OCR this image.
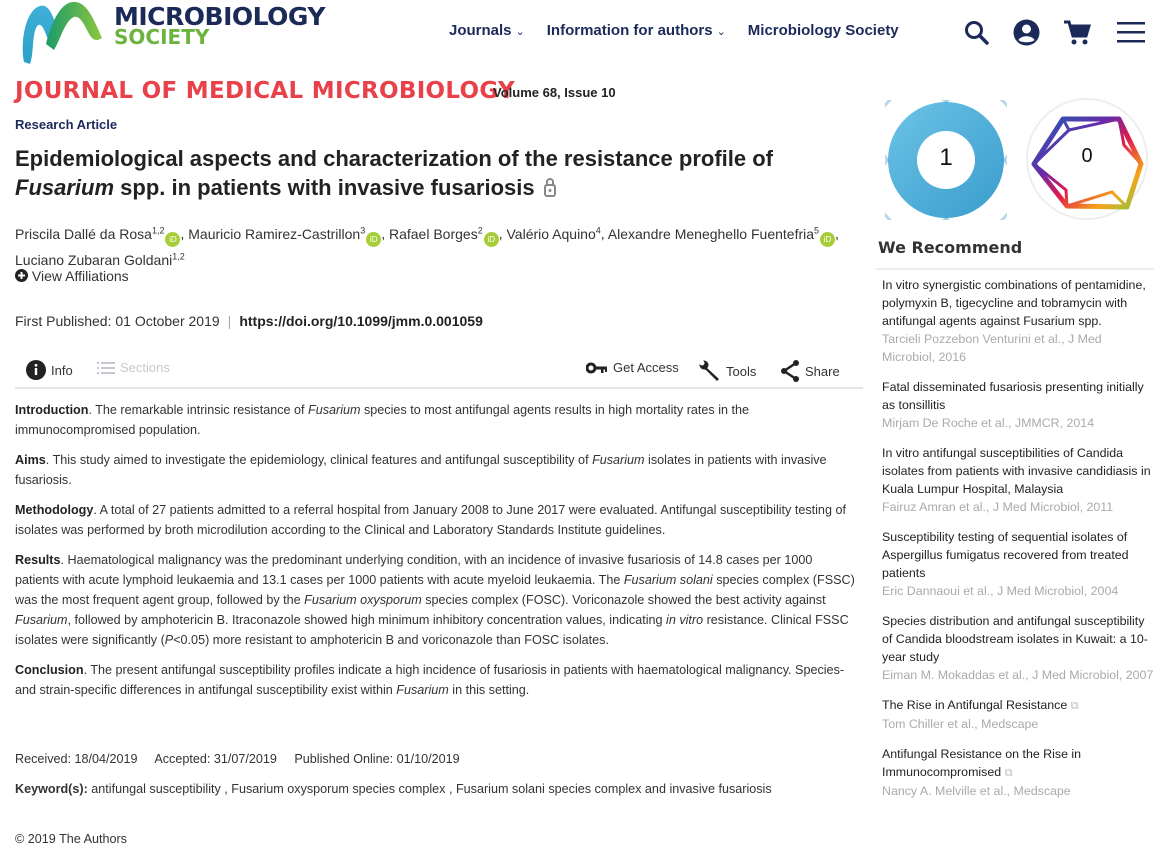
MICROBIOLOGY
SOCIETY	Journals ⌄ Information for authors ⌄ Microbiology Society
JOURNAL OF MEDICAL MICROBIOLOGY
Volume 68, Issue 10
Research Article
Epidemiological aspects and characterization of the resistance profile of Fusarium spp. in patients with invasive fusariosis
Priscila Dallé da Rosa$^{1,2}$iD , Mauricio Ramirez-Castrillon$^3$iD , Rafael Borges$^2$iD , Valério Aquino$^4$, Alexandre Meneghello Fuentefria$^5$iD , Luciano Zubaran Goldani$^{1,2}$
View Affiliations
First Published: 01 October 2019 | https://doi.org/10.1099/jmm.0.001059
Info	Sections	Get Access	Tools	Share

Introduction. The remarkable intrinsic resistance of Fusarium species to most antifungal agents results in high mortality rates in the immunocompromised population.

Aims. This study aimed to investigate the epidemiology, clinical features and antifungal susceptibility of Fusarium isolates in patients with invasive fusariosis.

Methodology. A total of 27 patients admitted to a referral hospital from January 2008 to June 2017 were evaluated. Antifungal susceptibility testing of isolates was performed by broth microdilution according to the Clinical and Laboratory Standards Institute guidelines.

Results. Haematological malignancy was the predominant underlying condition, with an incidence of invasive fusariosis of 14.8 cases per 1000 patients with acute lymphoid leukaemia and 13.1 cases per 1000 patients with acute myeloid leukaemia. The Fusarium solani species complex (FSSC) was the most frequent agent group, followed by the Fusarium oxysporum species complex (FOSC). Voriconazole showed the best activity against Fusarium, followed by amphotericin B. Itraconazole showed high minimum inhibitory concentration values, indicating in vitro resistance. Clinical FSSC isolates were significantly (P<0.05) more resistant to amphotericin B and voriconazole than FOSC isolates.

Conclusion. The present antifungal susceptibility profiles indicate a high incidence of fusariosis in patients with haematological malignancy. Species- and strain-specific differences in antifungal susceptibility exist within Fusarium in this setting.

Received: 18/04/2019 Accepted: 31/07/2019 Published Online: 01/10/2019
Keyword(s): antifungal susceptibility , Fusarium oxysporum species complex , Fusarium solani species complex and invasive fusariosis
© 2019 The Authors
1	0
We Recommend
In vitro synergistic combinations of pentamidine, polymyxin B, tigecycline and tobramycin with antifungal agents against Fusarium spp.
Tarcieli Pozzebon Venturini et al., J Med Microbiol, 2016
Fatal disseminated fusariosis presenting initially as tonsillitis
Mirjam De Roche et al., JMMCR, 2014
In vitro antifungal susceptibilities of Candida isolates from patients with invasive candidiasis in Kuala Lumpur Hospital, Malaysia
Fairuz Amran et al., J Med Microbiol, 2011
Susceptibility testing of sequential isolates of Aspergillus fumigatus recovered from treated patients
Eric Dannaoui et al., J Med Microbiol, 2004
Species distribution and antifungal susceptibility of Candida bloodstream isolates in Kuwait: a 10-year study
Eiman M. Mokaddas et al., J Med Microbiol, 2007
The Rise in Antifungal Resistance ⧉
Tom Chiller et al., Medscape
Antifungal Resistance on the Rise in Immunocompromised ⧉
Nancy A. Melville et al., Medscape
